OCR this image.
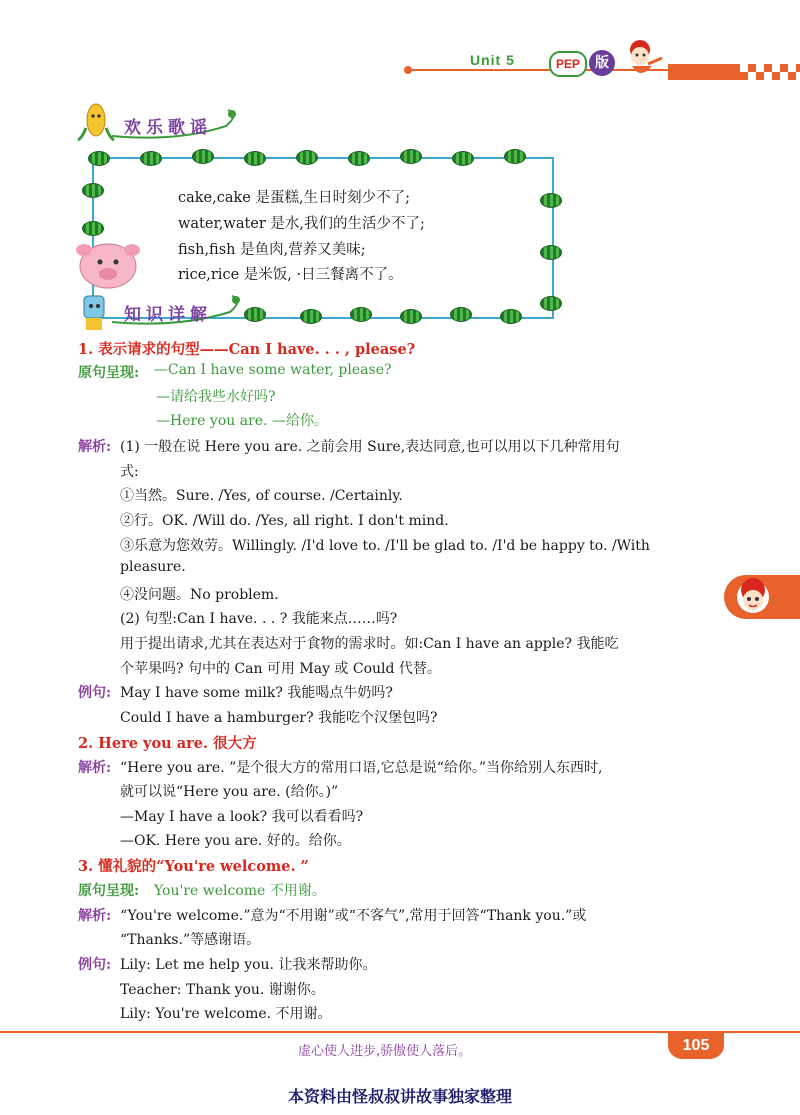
Unit 5	PEP	版
欢乐歌谣
cake,cake 是蛋糕,生日时刻少不了;
water,water 是水,我们的生活少不了;
fish,fish 是鱼肉,营养又美味;
rice,rice 是米饭, ·日三餐离不了。
知识详解
1. 表示请求的句型——Can I have. . . , please?
原句呈现: —Can I have some water, please?
—请给我些水好吗?
—Here you are. —给你。
解析: (1) 一般在说 Here you are. 之前会用 Sure,表达同意,也可以用以下几种常用句
式:
①当然。Sure. /Yes, of course. /Certainly.
②行。OK. /Will do. /Yes, all right. I don't mind.
③乐意为您效劳。Willingly. /I'd love to. /I'll be glad to. /I'd be happy to. /With
pleasure.
④没问题。No problem.
(2) 句型:Can I have. . . ? 我能来点……吗?
用于提出请求,尤其在表达对于食物的需求时。如:Can I have an apple? 我能吃
个苹果吗? 句中的 Can 可用 May 或 Could 代替。
例句: May I have some milk? 我能喝点牛奶吗?
Could I have a hamburger? 我能吃个汉堡包吗?
2. Here you are. 很大方
解析: “Here you are. ”是个很大方的常用口语,它总是说“给你。”当你给别人东西时,
就可以说“Here you are. (给你。)”
—May I have a look? 我可以看看吗?
—OK. Here you are. 好的。给你。
3. 懂礼貌的“You're welcome. ”
原句呈现: You're welcome 不用谢。
解析: “You're welcome.”意为“不用谢”或“不客气”,常用于回答“Thank you.”或
“Thanks.”等感谢语。
例句: Lily: Let me help you. 让我来帮助你。
Teacher: Thank you. 谢谢你。
Lily: You're welcome. 不用谢。
虚心使人进步,骄傲使人落后。	105
本资料由怪叔叔讲故事独家整理
